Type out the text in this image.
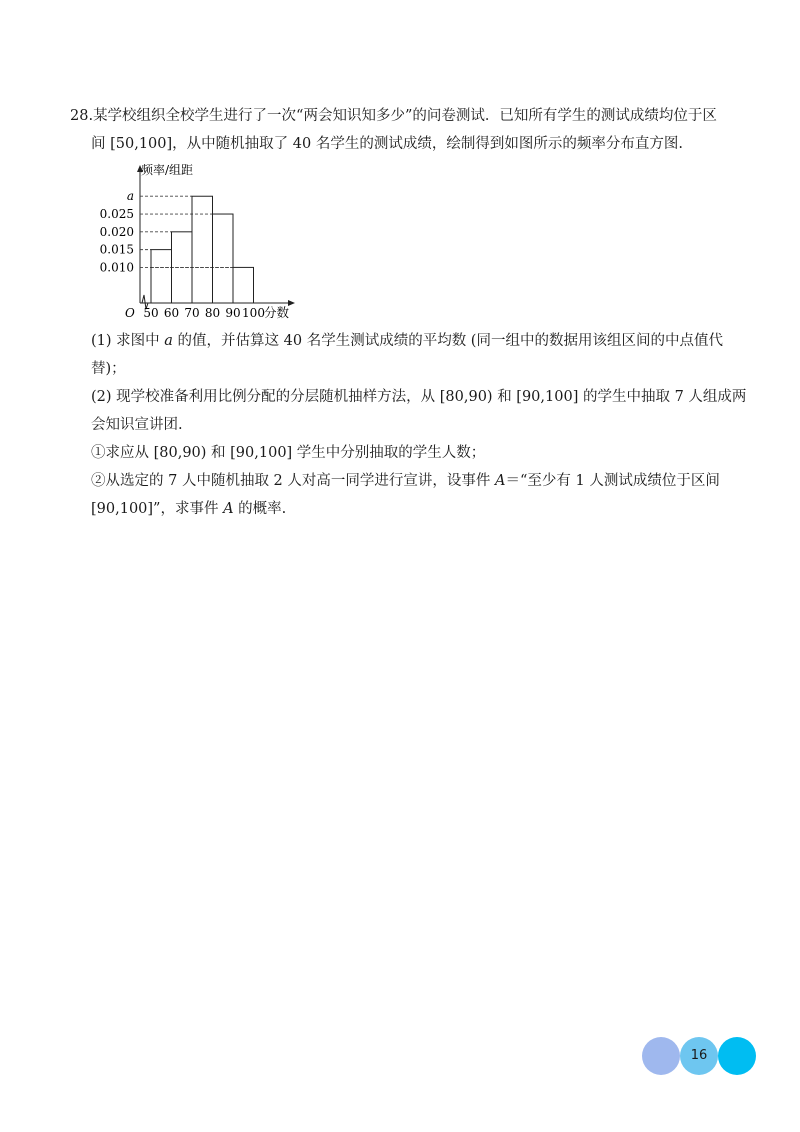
28.某学校组织全校学生进行了一次“两会知识知多少”的问卷测试．已知所有学生的测试成绩均位于区
间 [50,100]，从中随机抽取了 40 名学生的测试成绩，绘制得到如图所示的频率分布直方图.
a
0.025
0.020
0.015
0.010
50 60 70 80 90 100
频率/组距
分数
O
(1) 求图中 a 的值，并估算这 40 名学生测试成绩的平均数 (同一组中的数据用该组区间的中点值代
替)；
(2) 现学校准备利用比例分配的分层随机抽样方法，从 [80,90) 和 [90,100] 的学生中抽取 7 人组成两
会知识宣讲团.
①求应从 [80,90) 和 [90,100] 学生中分别抽取的学生人数；
②从选定的 7 人中随机抽取 2 人对高一同学进行宣讲，设事件 A＝“至少有 1 人测试成绩位于区间
[90,100]”，求事件 A 的概率.
16
